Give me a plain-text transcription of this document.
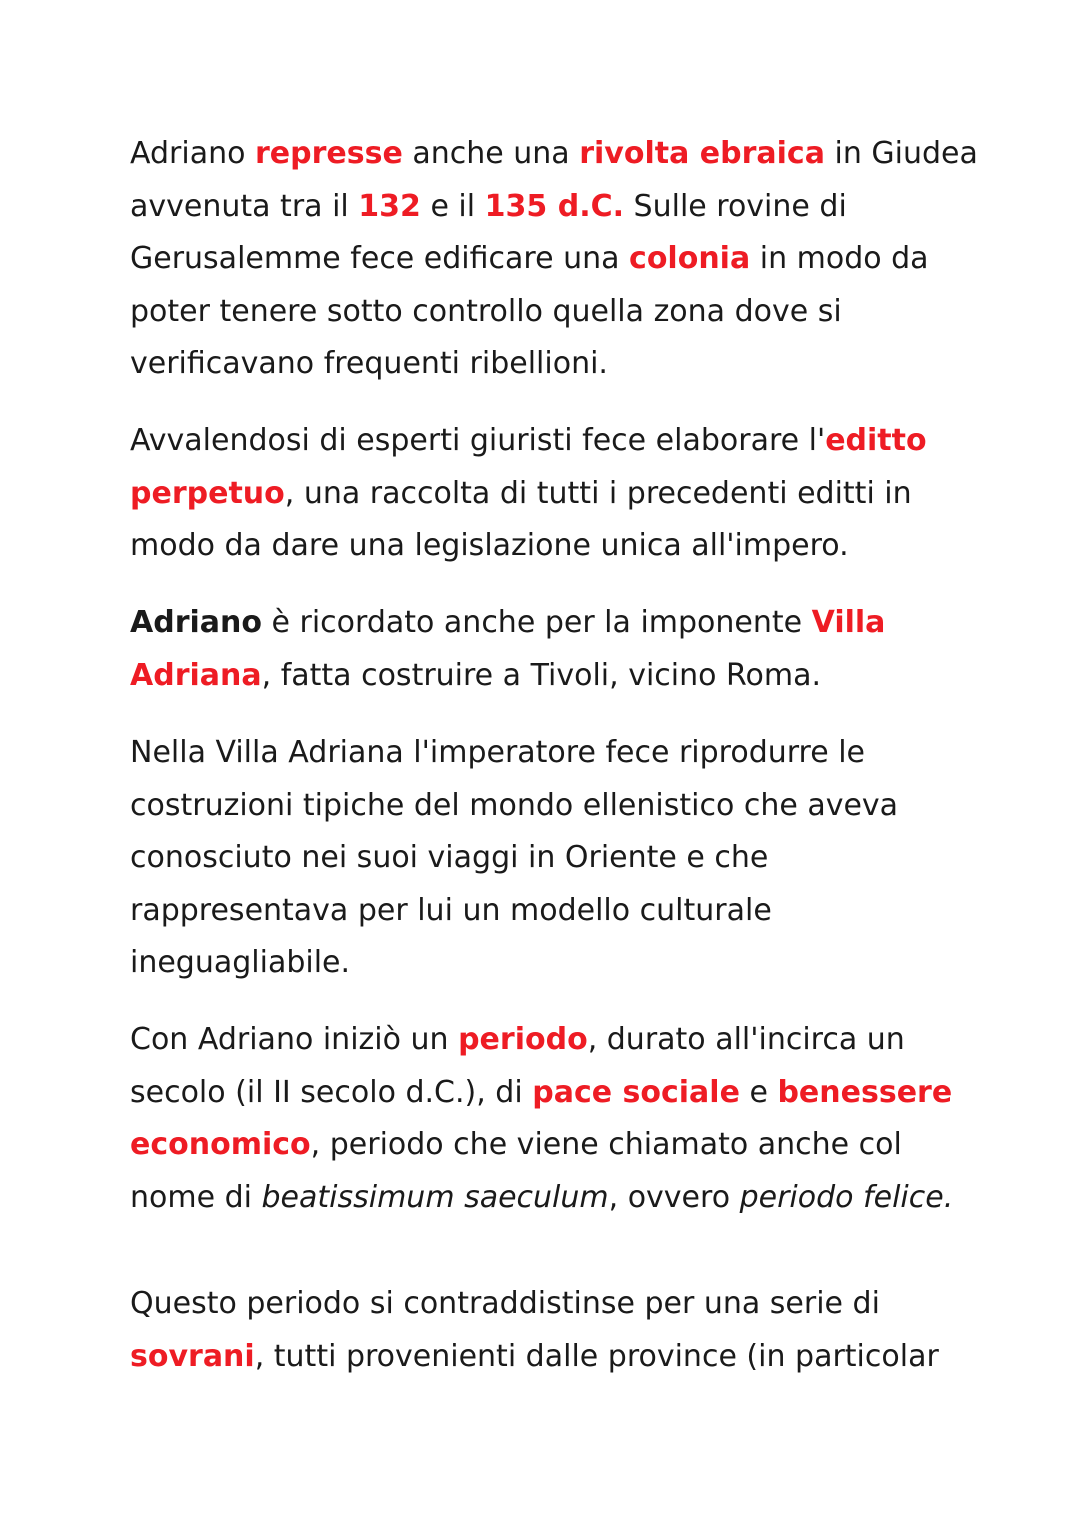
Adriano represse anche una rivolta ebraica in Giudea
avvenuta tra il 132 e il 135 d.C. Sulle rovine di
Gerusalemme fece edificare una colonia in modo da
poter tenere sotto controllo quella zona dove si
verificavano frequenti ribellioni.

Avvalendosi di esperti giuristi fece elaborare l'editto
perpetuo, una raccolta di tutti i precedenti editti in
modo da dare una legislazione unica all'impero.

Adriano è ricordato anche per la imponente Villa
Adriana, fatta costruire a Tivoli, vicino Roma.

Nella Villa Adriana l'imperatore fece riprodurre le
costruzioni tipiche del mondo ellenistico che aveva
conosciuto nei suoi viaggi in Oriente e che
rappresentava per lui un modello culturale
ineguagliabile.

Con Adriano iniziò un periodo, durato all'incirca un
secolo (il II secolo d.C.), di pace sociale e benessere
economico, periodo che viene chiamato anche col
nome di beatissimum saeculum, ovvero periodo felice.

Questo periodo si contraddistinse per una serie di
sovrani, tutti provenienti dalle province (in particolar
